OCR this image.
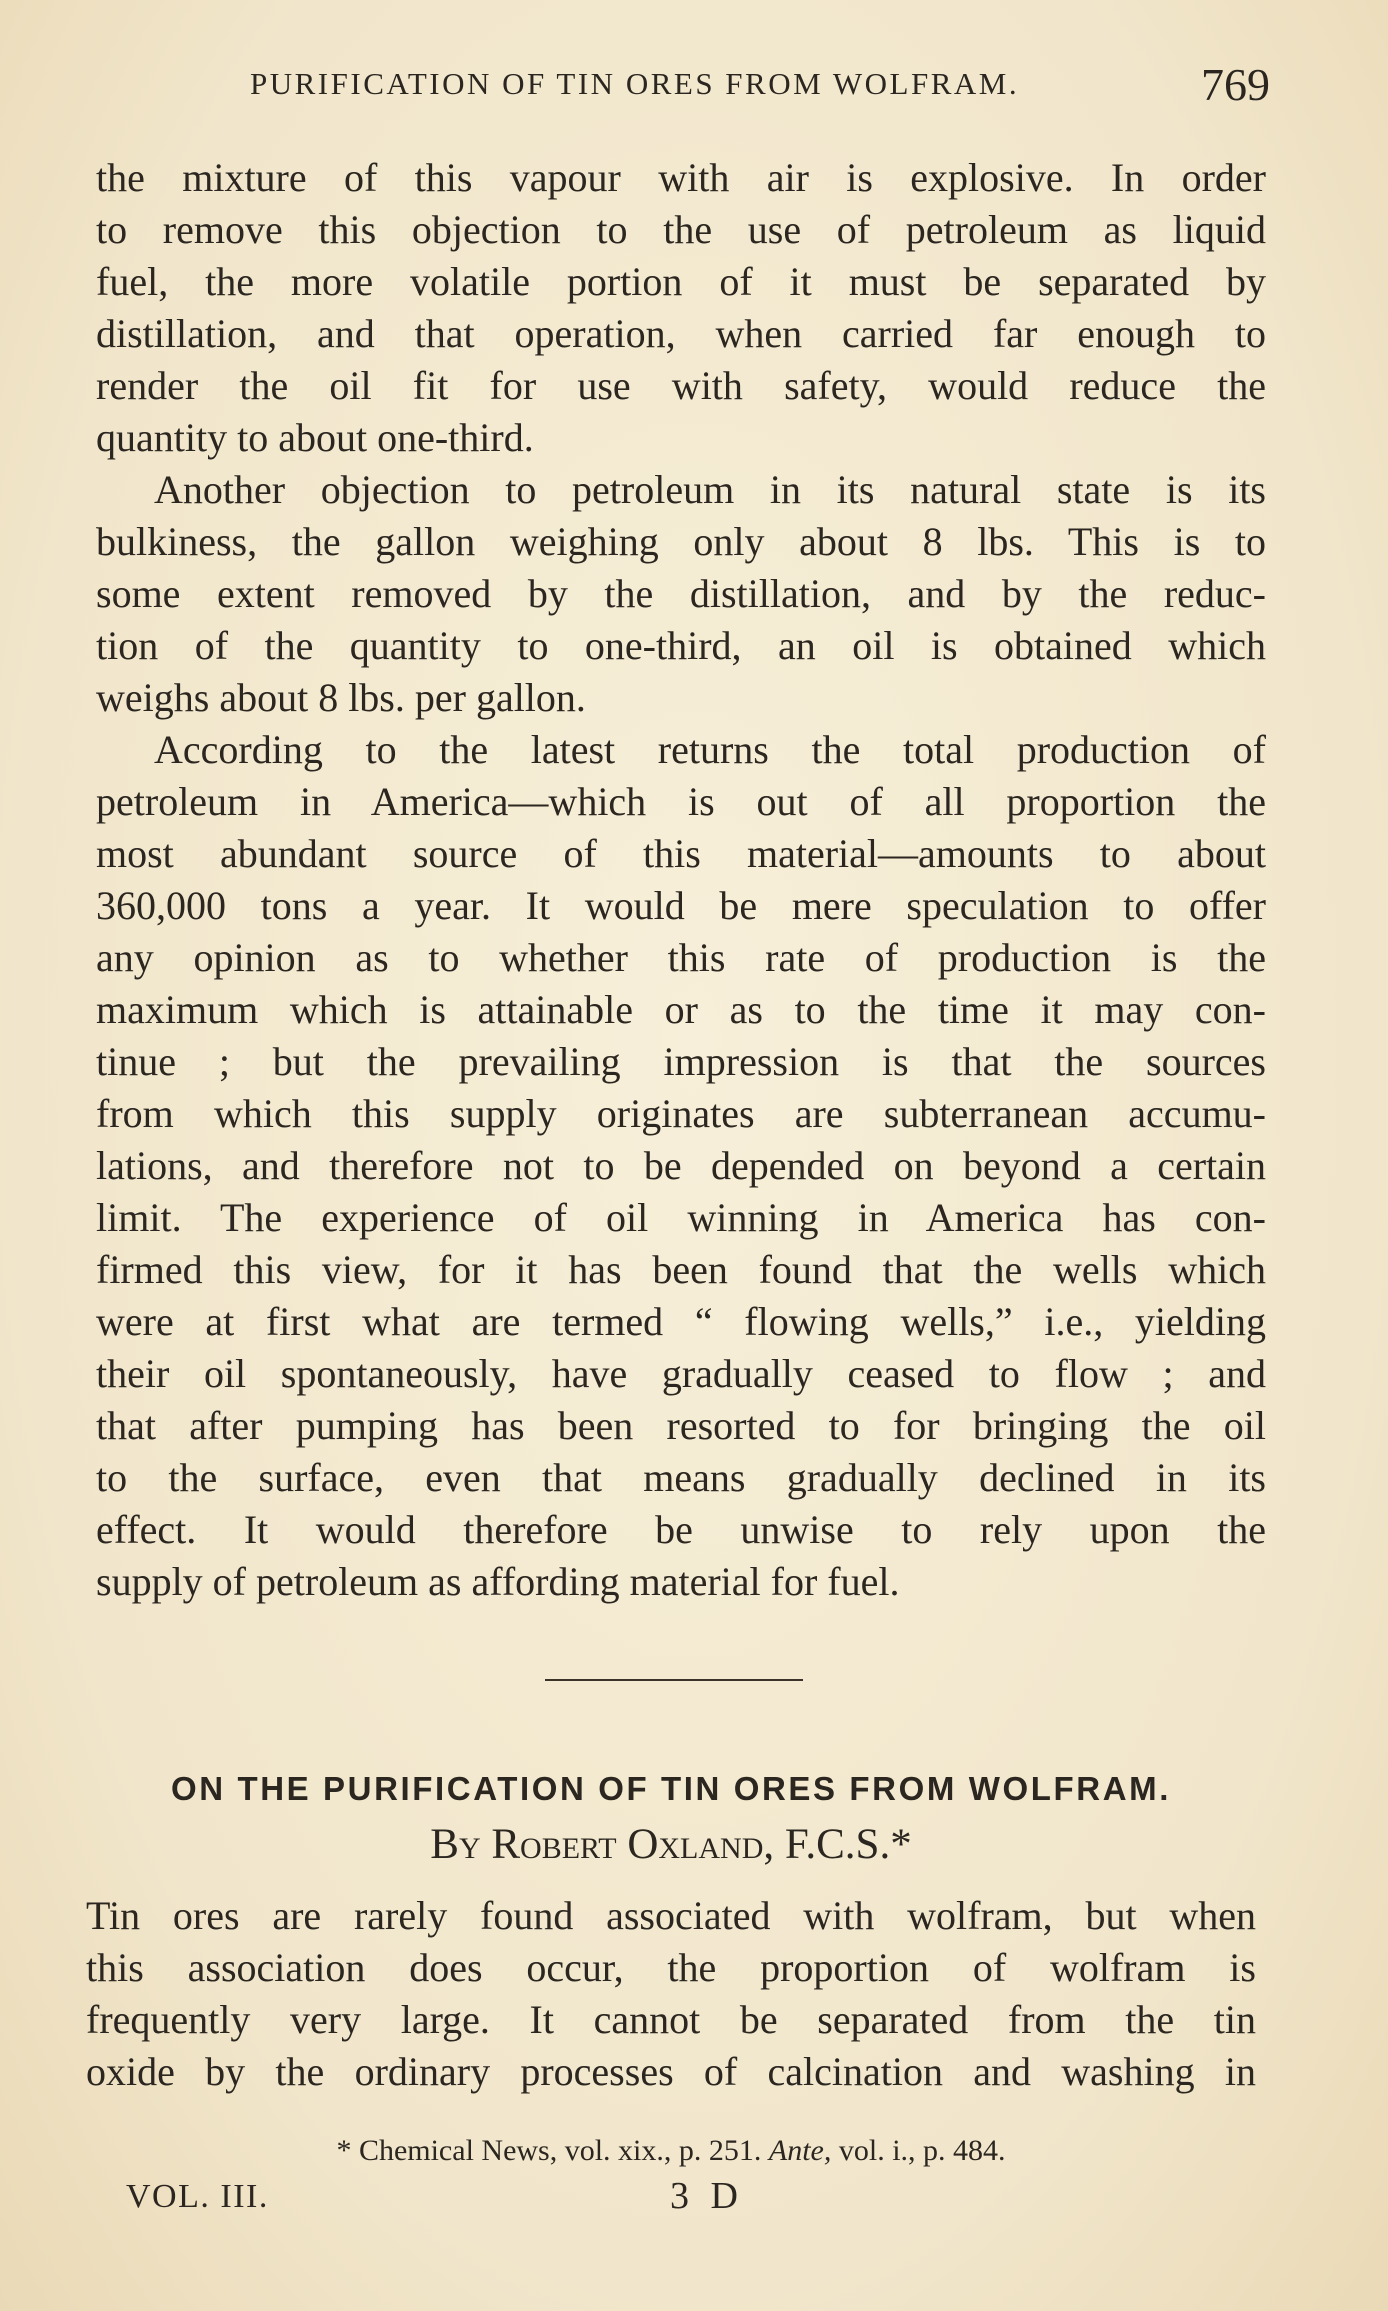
PURIFICATION OF TIN ORES FROM WOLFRAM.	769
the mixture of this vapour with air is explosive. In order
to remove this objection to the use of petroleum as liquid
fuel, the more volatile portion of it must be separated by
distillation, and that operation, when carried far enough to
render the oil fit for use with safety, would reduce the
quantity to about one-third.
Another objection to petroleum in its natural state is its
bulkiness, the gallon weighing only about 8 lbs. This is to
some extent removed by the distillation, and by the reduc-
tion of the quantity to one-third, an oil is obtained which
weighs about 8 lbs. per gallon.
According to the latest returns the total production of
petroleum in America—which is out of all proportion the
most abundant source of this material—amounts to about
360,000 tons a year. It would be mere speculation to offer
any opinion as to whether this rate of production is the
maximum which is attainable or as to the time it may con-
tinue ; but the prevailing impression is that the sources
from which this supply originates are subterranean accumu-
lations, and therefore not to be depended on beyond a certain
limit. The experience of oil winning in America has con-
firmed this view, for it has been found that the wells which
were at first what are termed “ flowing wells,” i.e., yielding
their oil spontaneously, have gradually ceased to flow ; and
that after pumping has been resorted to for bringing the oil
to the surface, even that means gradually declined in its
effect. It would therefore be unwise to rely upon the
supply of petroleum as affording material for fuel.
ON THE PURIFICATION OF TIN ORES FROM WOLFRAM.
By Robert Oxland, F.C.S.*
Tin ores are rarely found associated with wolfram, but when
this association does occur, the proportion of wolfram is
frequently very large. It cannot be separated from the tin
oxide by the ordinary processes of calcination and washing in
* Chemical News, vol. xix., p. 251. Ante, vol. i., p. 484.
VOL. III.	3 D
